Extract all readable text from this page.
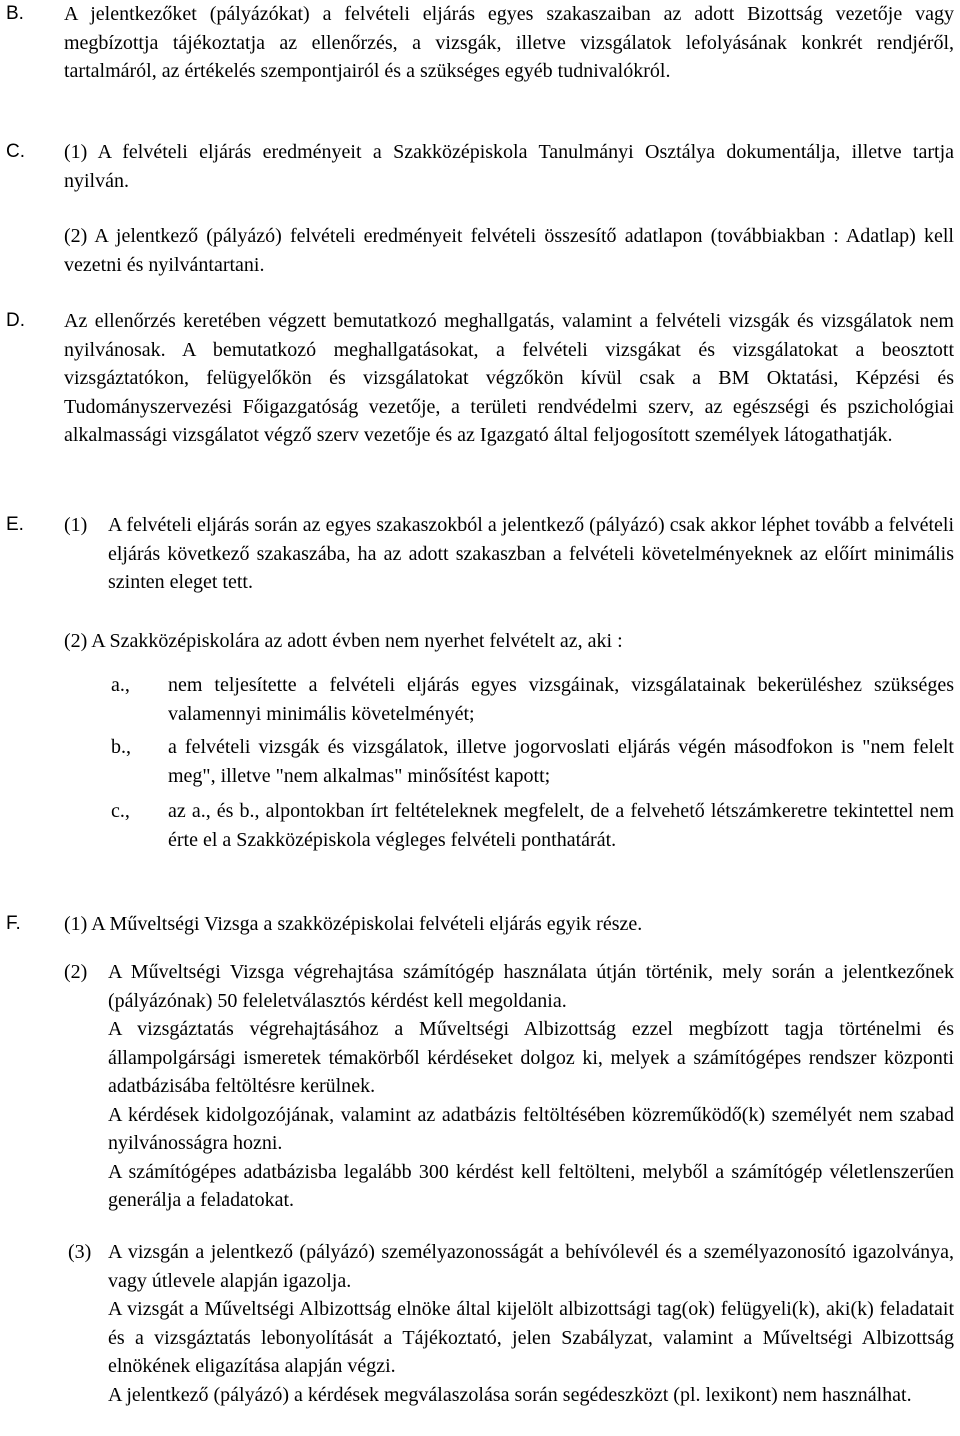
B. A jelentkezőket (pályázókat) a felvételi eljárás egyes szakaszaiban az adott Bizottság vezetője vagy megbízottja tájékoztatja az ellenőrzés, a vizsgák, illetve vizsgálatok lefolyásának konkrét rendjéről, tartalmáról, az értékelés szempontjairól és a szükséges egyéb tudnivalókról.
C. (1) A felvételi eljárás eredményeit a Szakközépiskola Tanulmányi Osztálya dokumentálja, illetve tartja nyilván.
(2) A jelentkező (pályázó) felvételi eredményeit felvételi összesítő adatlapon (továbbiakban : Adatlap) kell vezetni és nyilvántartani.
D. Az ellenőrzés keretében végzett bemutatkozó meghallgatás, valamint a felvételi vizsgák és vizsgálatok nem nyilvánosak. A bemutatkozó meghallgatásokat, a felvételi vizsgákat és vizsgálatokat a beosztott vizsgáztatókon, felügyelőkön és vizsgálatokat végzőkön kívül csak a BM Oktatási, Képzési és Tudományszervezési Főigazgatóság vezetője, a területi rendvédelmi szerv, az egészségi és pszichológiai alkalmassági vizsgálatot végző szerv vezetője és az Igazgató által feljogosított személyek látogathatják.
E. (1) A felvételi eljárás során az egyes szakaszokból a jelentkező (pályázó) csak akkor léphet tovább a felvételi eljárás következő szakaszába, ha az adott szakaszban a felvételi követelményeknek az előírt minimális szinten eleget tett.
(2) A Szakközépiskolára az adott évben nem nyerhet felvételt az, aki :
a., nem teljesítette a felvételi eljárás egyes vizsgáinak, vizsgálatainak bekerüléshez szükséges valamennyi minimális követelményét;
b., a felvételi vizsgák és vizsgálatok, illetve jogorvoslati eljárás végén másodfokon is "nem felelt meg", illetve "nem alkalmas" minősítést kapott;
c., az a., és b., alpontokban írt feltételeknek megfelelt, de a felvehető létszámkeretre tekintettel nem érte el a Szakközépiskola végleges felvételi ponthatárát.
F. (1) A Műveltségi Vizsga a szakközépiskolai felvételi eljárás egyik része.
(2) A Műveltségi Vizsga végrehajtása számítógép használata útján történik, mely során a jelentkezőnek (pályázónak) 50 feleletválasztós kérdést kell megoldania.
A vizsgáztatás végrehajtásához a Műveltségi Albizottság ezzel megbízott tagja történelmi és állampolgársági ismeretek témakörből kérdéseket dolgoz ki, melyek a számítógépes rendszer központi adatbázisába feltöltésre kerülnek.
A kérdések kidolgozójának, valamint az adatbázis feltöltésében közreműködő(k) személyét nem szabad nyilvánosságra hozni.
A számítógépes adatbázisba legalább 300 kérdést kell feltölteni, melyből a számítógép véletlenszerűen generálja a feladatokat.
(3) A vizsgán a jelentkező (pályázó) személyazonosságát a behívólevél és a személyazonosító igazolványa, vagy útlevele alapján igazolja.
A vizsgát a Műveltségi Albizottság elnöke által kijelölt albizottsági tag(ok) felügyeli(k), aki(k) feladatait és a vizsgáztatás lebonyolítását a Tájékoztató, jelen Szabályzat, valamint a Műveltségi Albizottság elnökének eligazítása alapján végzi.
A jelentkező (pályázó) a kérdések megválaszolása során segédeszközt (pl. lexikont) nem használhat.
